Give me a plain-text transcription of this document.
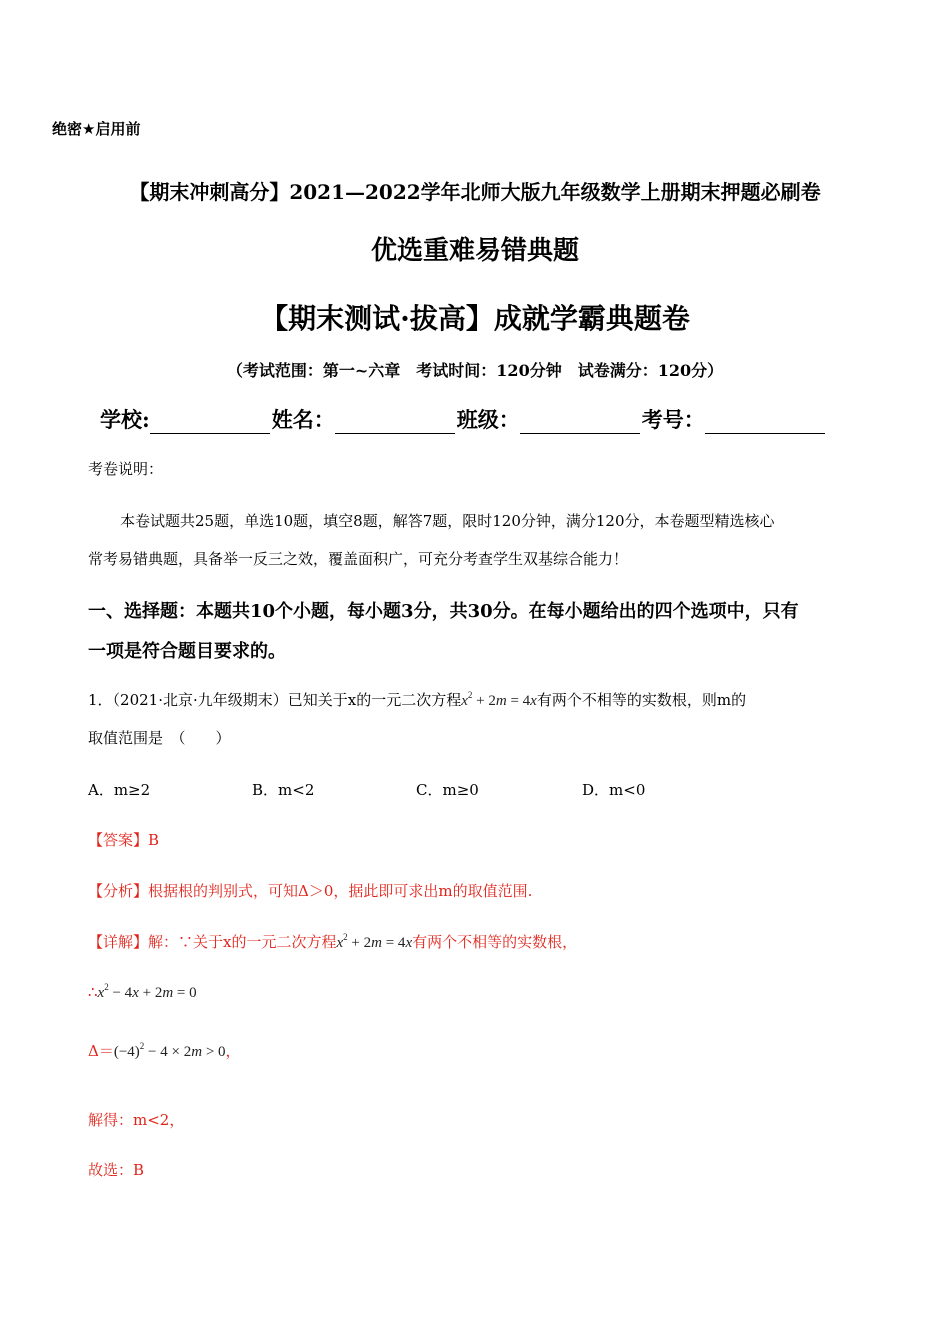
绝密★启用前
【期末冲刺高分】2021—2022学年北师大版九年级数学上册期末押题必刷卷
优选重难易错典题
【期末测试·拔高】成就学霸典题卷
（考试范围：第一~六章　考试时间：120分钟　试卷满分：120分）
学校:	姓名：	班级：	考号：
考卷说明：
本卷试题共25题，单选10题，填空8题，解答7题，限时120分钟，满分120分，本卷题型精选核心
常考易错典题，具备举一反三之效，覆盖面积广，可充分考查学生双基综合能力！
一、选择题：本题共10个小题，每小题3分，共30分。在每小题给出的四个选项中，只有
一项是符合题目要求的。
1．（2021·北京·九年级期末）已知关于x的一元二次方程$x^2 + 2m = 4x$有两个不相等的实数根，则m的
取值范围是　（　　）
A．m≥2	B．m<2	C．m≥0	D．m<0
【答案】B
【分析】根据根的判别式，可知Δ＞0，据此即可求出m的取值范围.
【详解】解：∵关于x的一元二次方程$x^2 + 2m = 4x$有两个不相等的实数根，
$\therefore x^2 - 4x + 2m = 0$
$\Delta=(-4)^2 - 4 \times 2m > 0$，
解得：m<2，
故选：B
